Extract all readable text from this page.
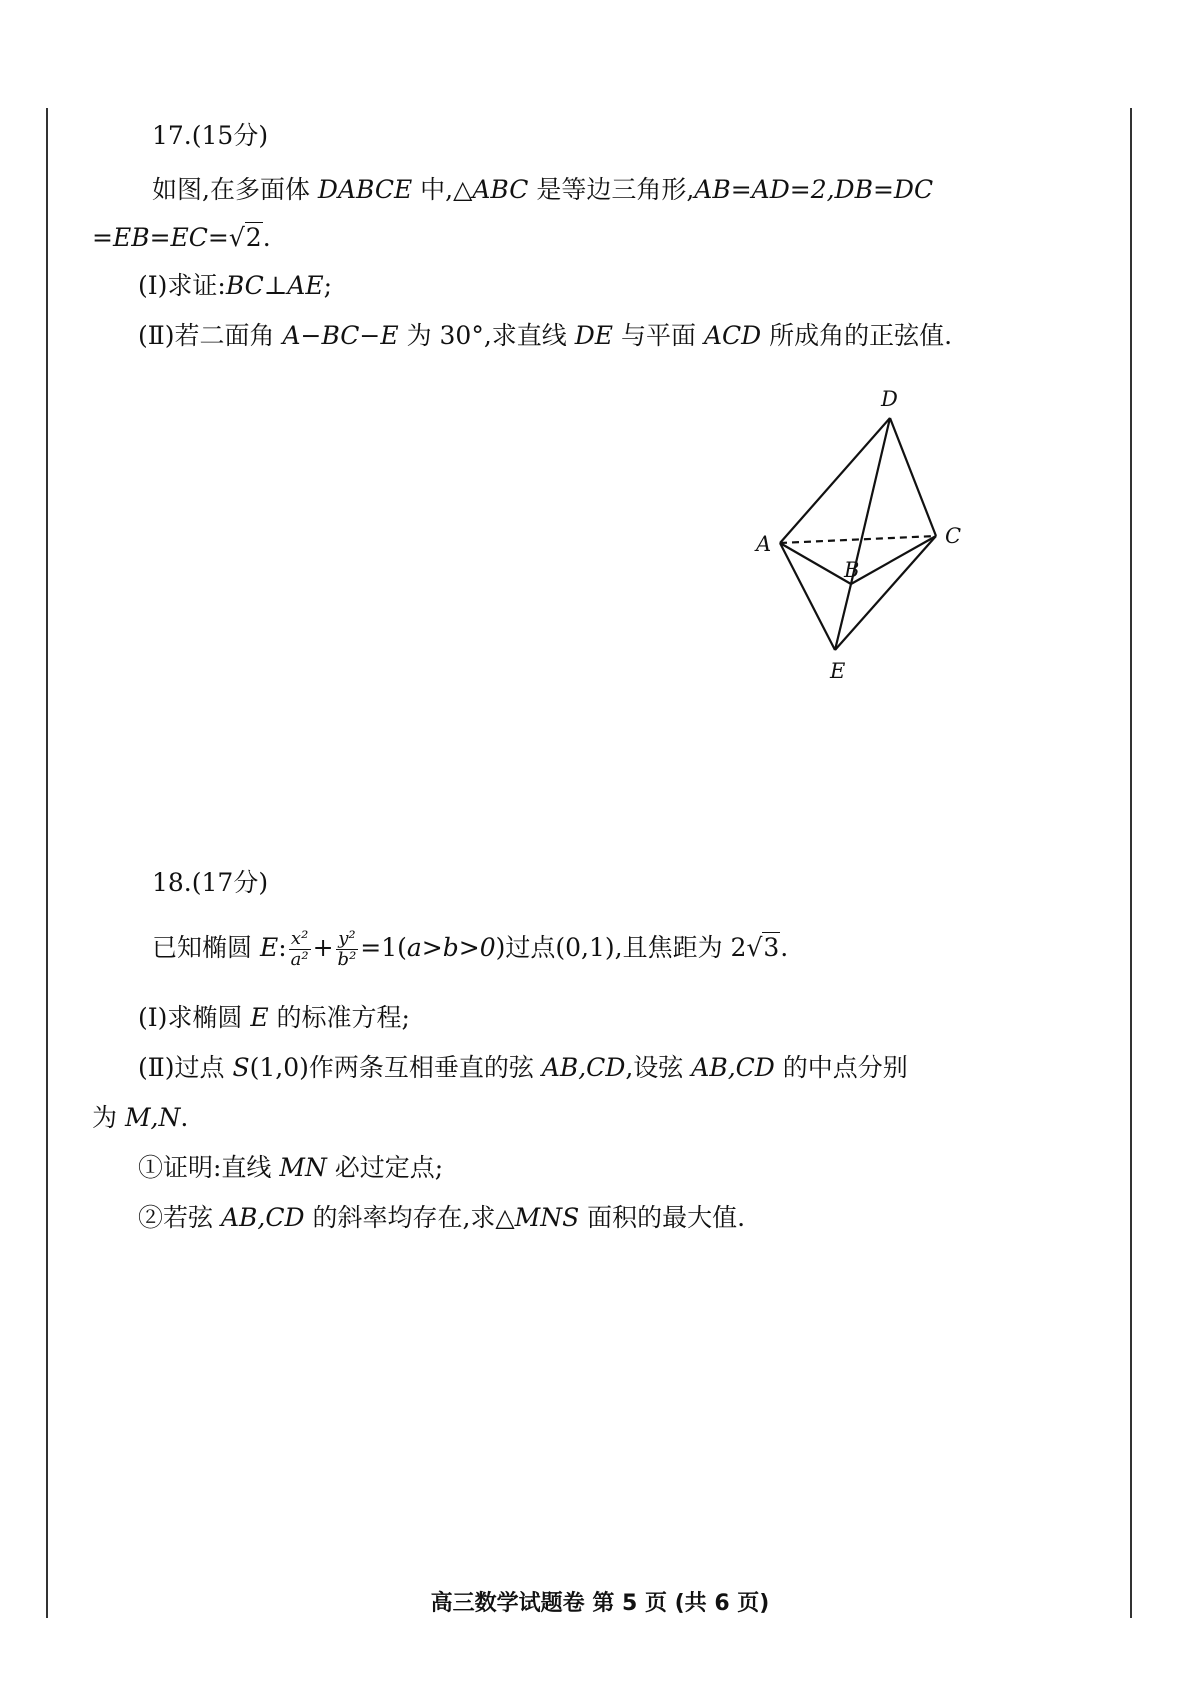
17.(15分)
如图,在多面体 DABCE 中,△ABC 是等边三角形,AB=AD=2,DB=DC
=EB=EC=√2.
(Ⅰ)求证:BC⊥AE;
(Ⅱ)若二面角 A−BC−E 为 30°,求直线 DE 与平面 ACD 所成角的正弦值.
D
A
B
C
E
18.(17分)
已知椭圆 E: $\frac{\text{x²}}{\text{a²}} + \frac{\text{y²}}{\text{b²}} =1(a>b>0)$过点(0,1),且焦距为 2√3.
(Ⅰ)求椭圆 E 的标准方程;
(Ⅱ)过点 S(1,0)作两条互相垂直的弦 AB,CD,设弦 AB,CD 的中点分别
为 M,N.
①证明:直线 MN 必过定点;
②若弦 AB,CD 的斜率均存在,求△MNS 面积的最大值.
高三数学试题卷 第 5 页 (共 6 页)
